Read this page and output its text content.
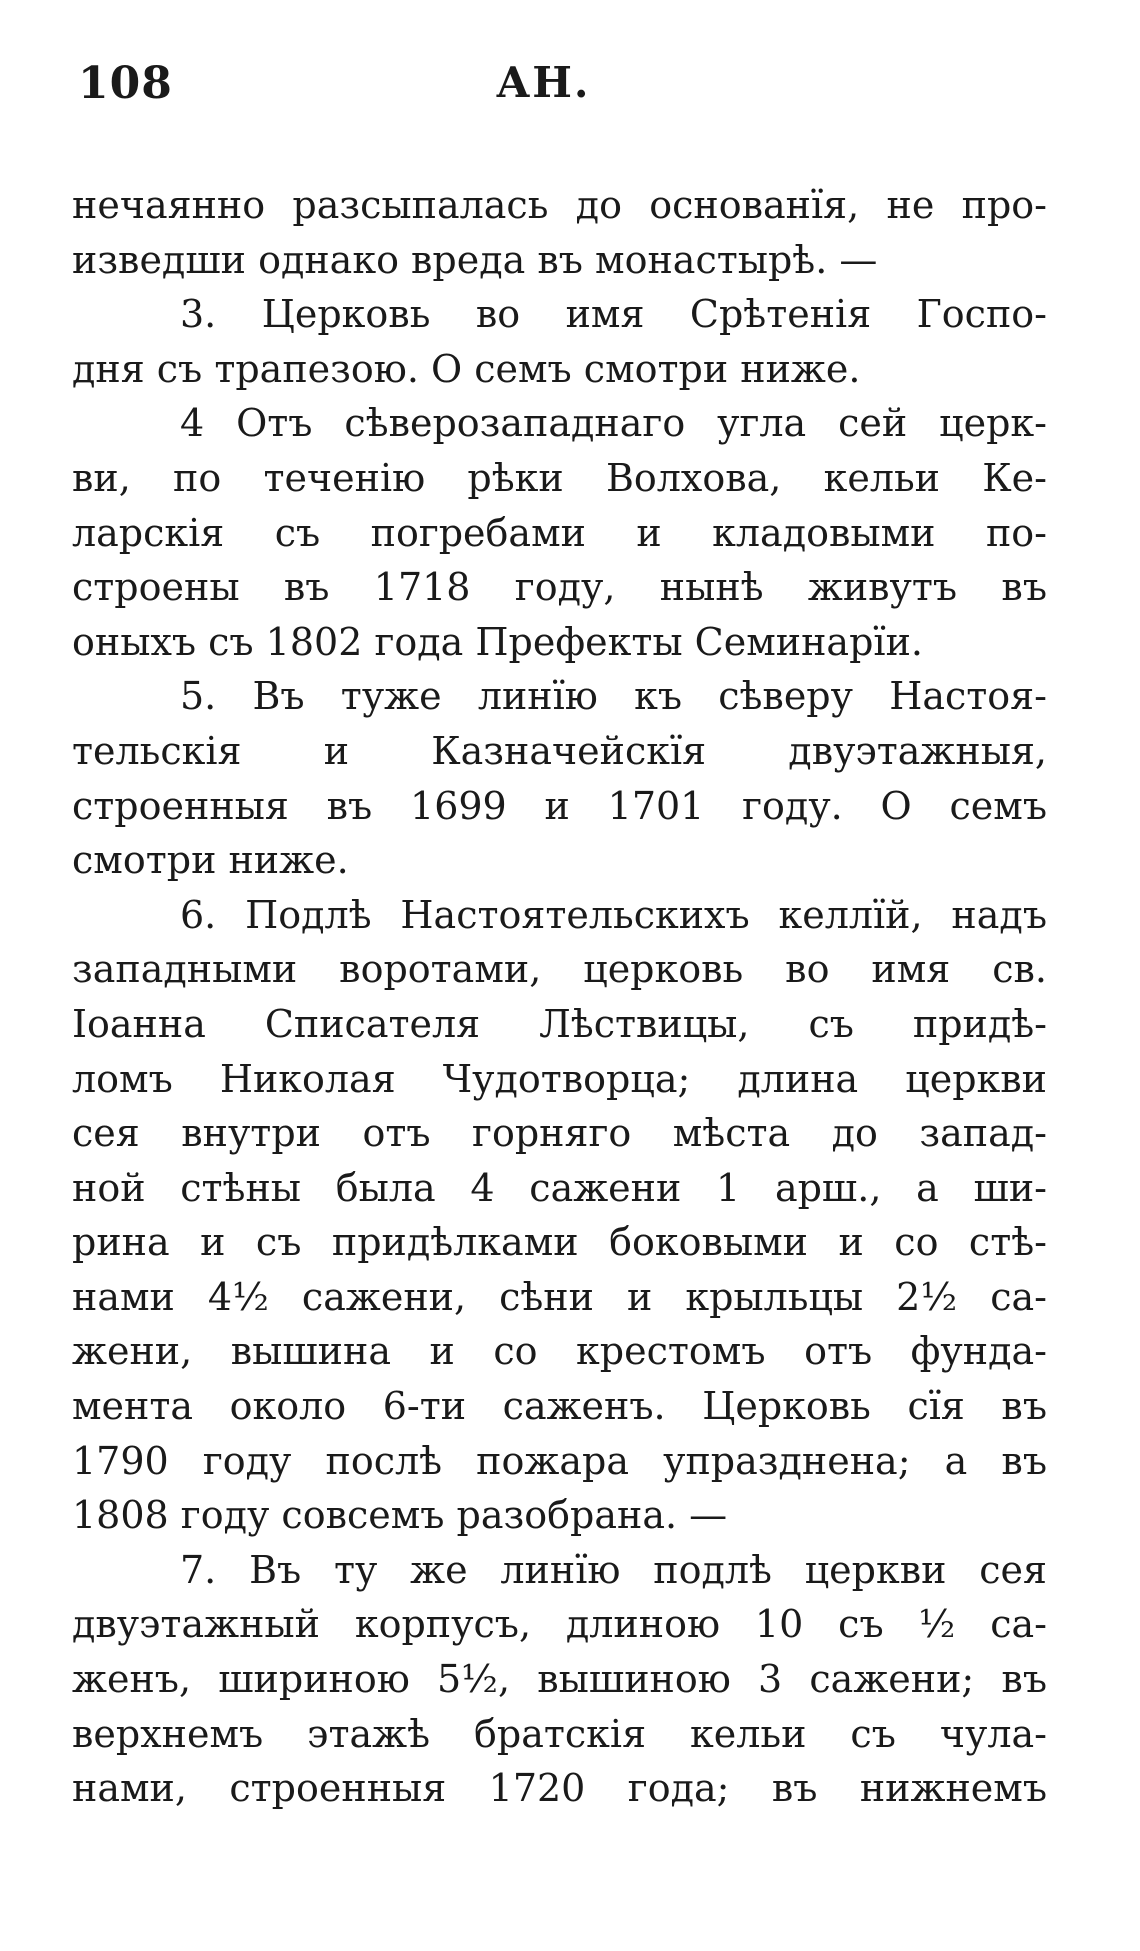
108	АН.
нечаянно разсыпалась до основанїя, не про-
изведши однако вреда въ монастырѣ. —
3. Церковь во имя Срѣтенія Госпо-
дня съ трапезою. О семъ смотри ниже.
4 Отъ сѣверозападнаго угла сей церк-
ви, по теченію рѣки Волхова, кельи Ке-
ларскія съ погребами и кладовыми по-
строены въ 1718 году, нынѣ живутъ въ
оныхъ съ 1802 года Префекты Семинарїи.
5. Въ туже линїю къ сѣверу Настоя-
тельскія и Казначейскїя двуэтажныя,
строенныя въ 1699 и 1701 году. О семъ
смотри ниже.
6. Подлѣ Настоятельскихъ келлїй, надъ
западными воротами, церковь во имя св.
Іоанна Списателя Лѣствицы, съ придѣ-
ломъ Николая Чудотворца; длина церкви
сея внутри отъ горняго мѣста до запад-
ной стѣны была 4 сажени 1 арш., а ши-
рина и съ придѣлками боковыми и со стѣ-
нами 4½ сажени, сѣни и крыльцы 2½ са-
жени, вышина и со крестомъ отъ фунда-
мента около 6-ти саженъ. Церковь сїя въ
1790 году послѣ пожара упразднена; а въ
1808 году совсемъ разобрана. —
7. Въ ту же линїю подлѣ церкви сея
двуэтажный корпусъ, длиною 10 съ ½ са-
женъ, шириною 5½, вышиною 3 сажени; въ
верхнемъ этажѣ братскія кельи съ чула-
нами, строенныя 1720 года; въ нижнемъ
